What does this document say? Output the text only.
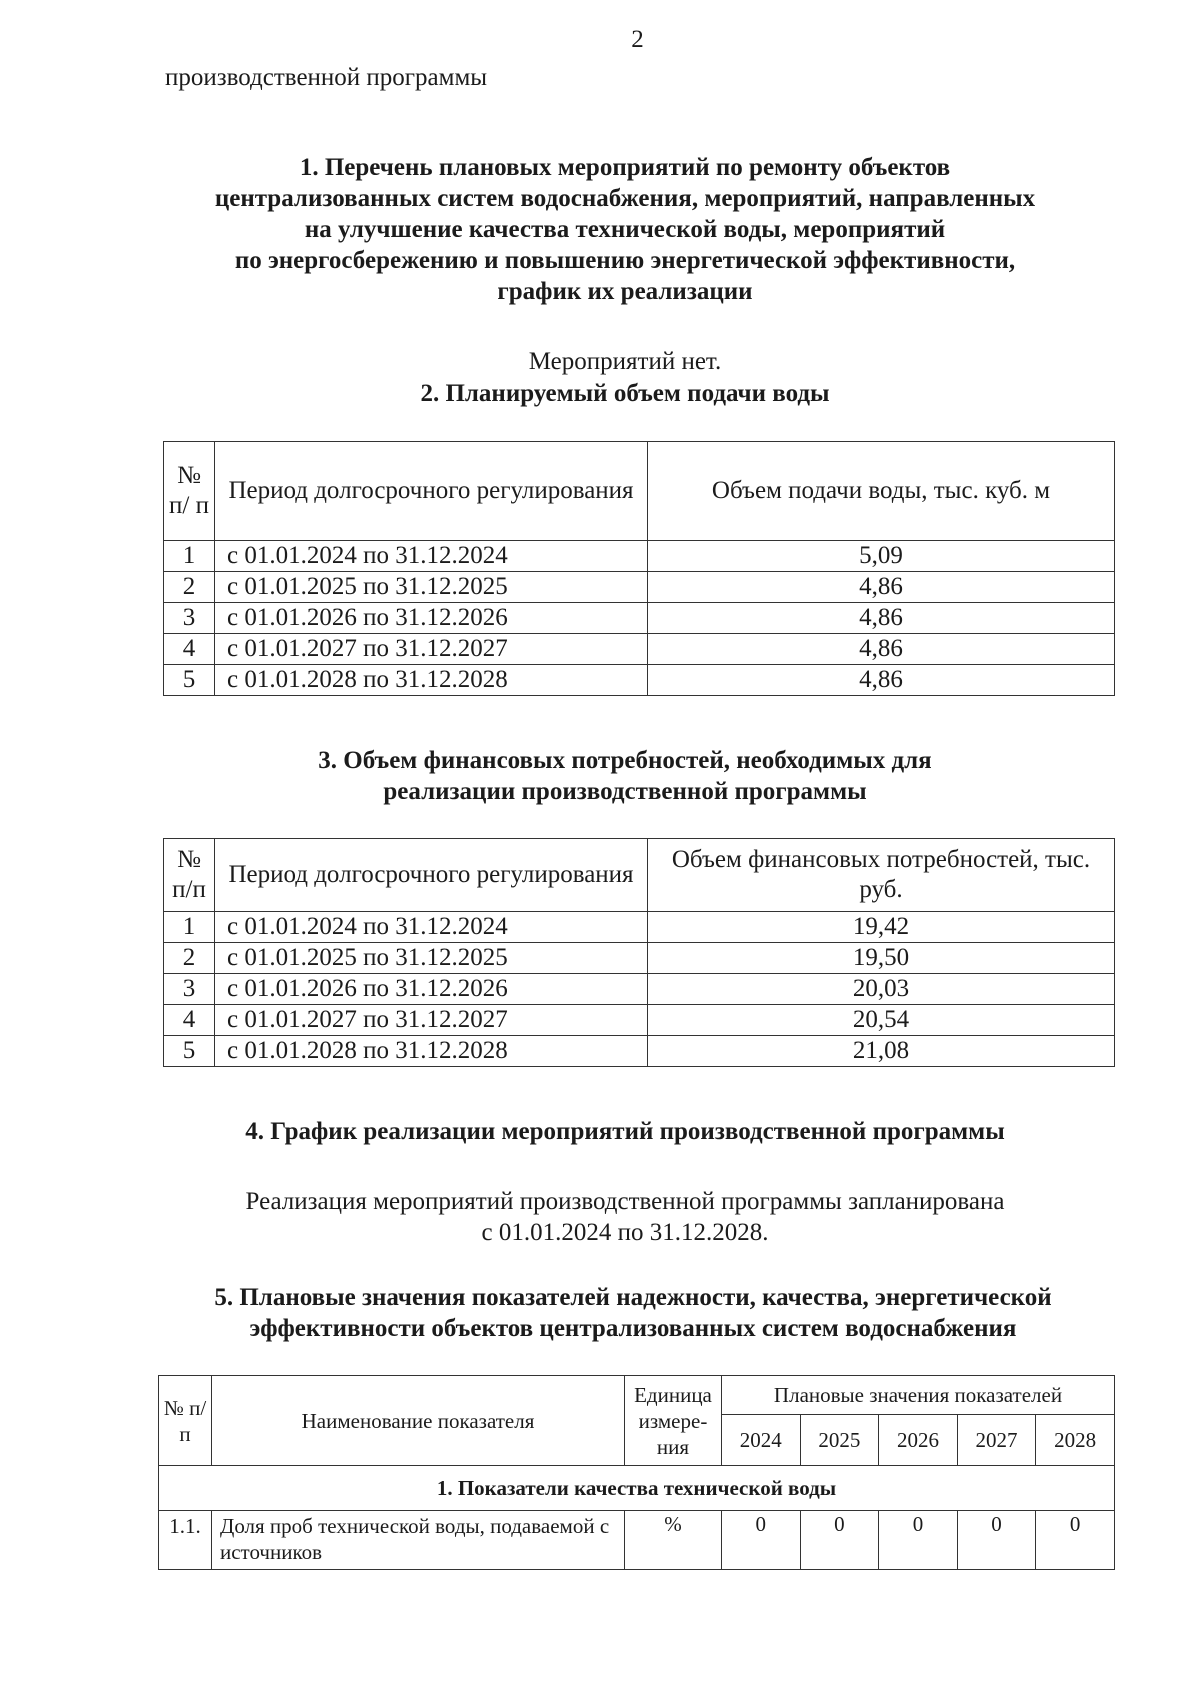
2
производственной программы
1. Перечень плановых мероприятий по ремонту объектов
централизованных систем водоснабжения, мероприятий, направленных
на улучшение качества технической воды, мероприятий
по энергосбережению и повышению энергетической эффективности,
график их реализации
Мероприятий нет.
2. Планируемый объем подачи воды
№ п/ п	Период долгосрочного регулирования	Объем подачи воды, тыс. куб. м
1	с 01.01.2024 по 31.12.2024	5,09
2	с 01.01.2025 по 31.12.2025	4,86
3	с 01.01.2026 по 31.12.2026	4,86
4	с 01.01.2027 по 31.12.2027	4,86
5	с 01.01.2028 по 31.12.2028	4,86
3. Объем финансовых потребностей, необходимых для
реализации производственной программы
№ п/п	Период долгосрочного регулирования	Объем финансовых потребностей, тыс. руб.
1	с 01.01.2024 по 31.12.2024	19,42
2	с 01.01.2025 по 31.12.2025	19,50
3	с 01.01.2026 по 31.12.2026	20,03
4	с 01.01.2027 по 31.12.2027	20,54
5	с 01.01.2028 по 31.12.2028	21,08
4. График реализации мероприятий производственной программы
Реализация мероприятий производственной программы запланирована
с 01.01.2024 по 31.12.2028.
5. Плановые значения показателей надежности, качества, энергетической
эффективности объектов централизованных систем водоснабжения
№ п/п	Наименование показателя	Единица измере- ния	Плановые значения показателей				
			2024	2025	2026	2027	2028
1. Показатели качества технической воды							
1.1.	Доля проб технической воды, подаваемой с источников	%	0	0	0	0	0
